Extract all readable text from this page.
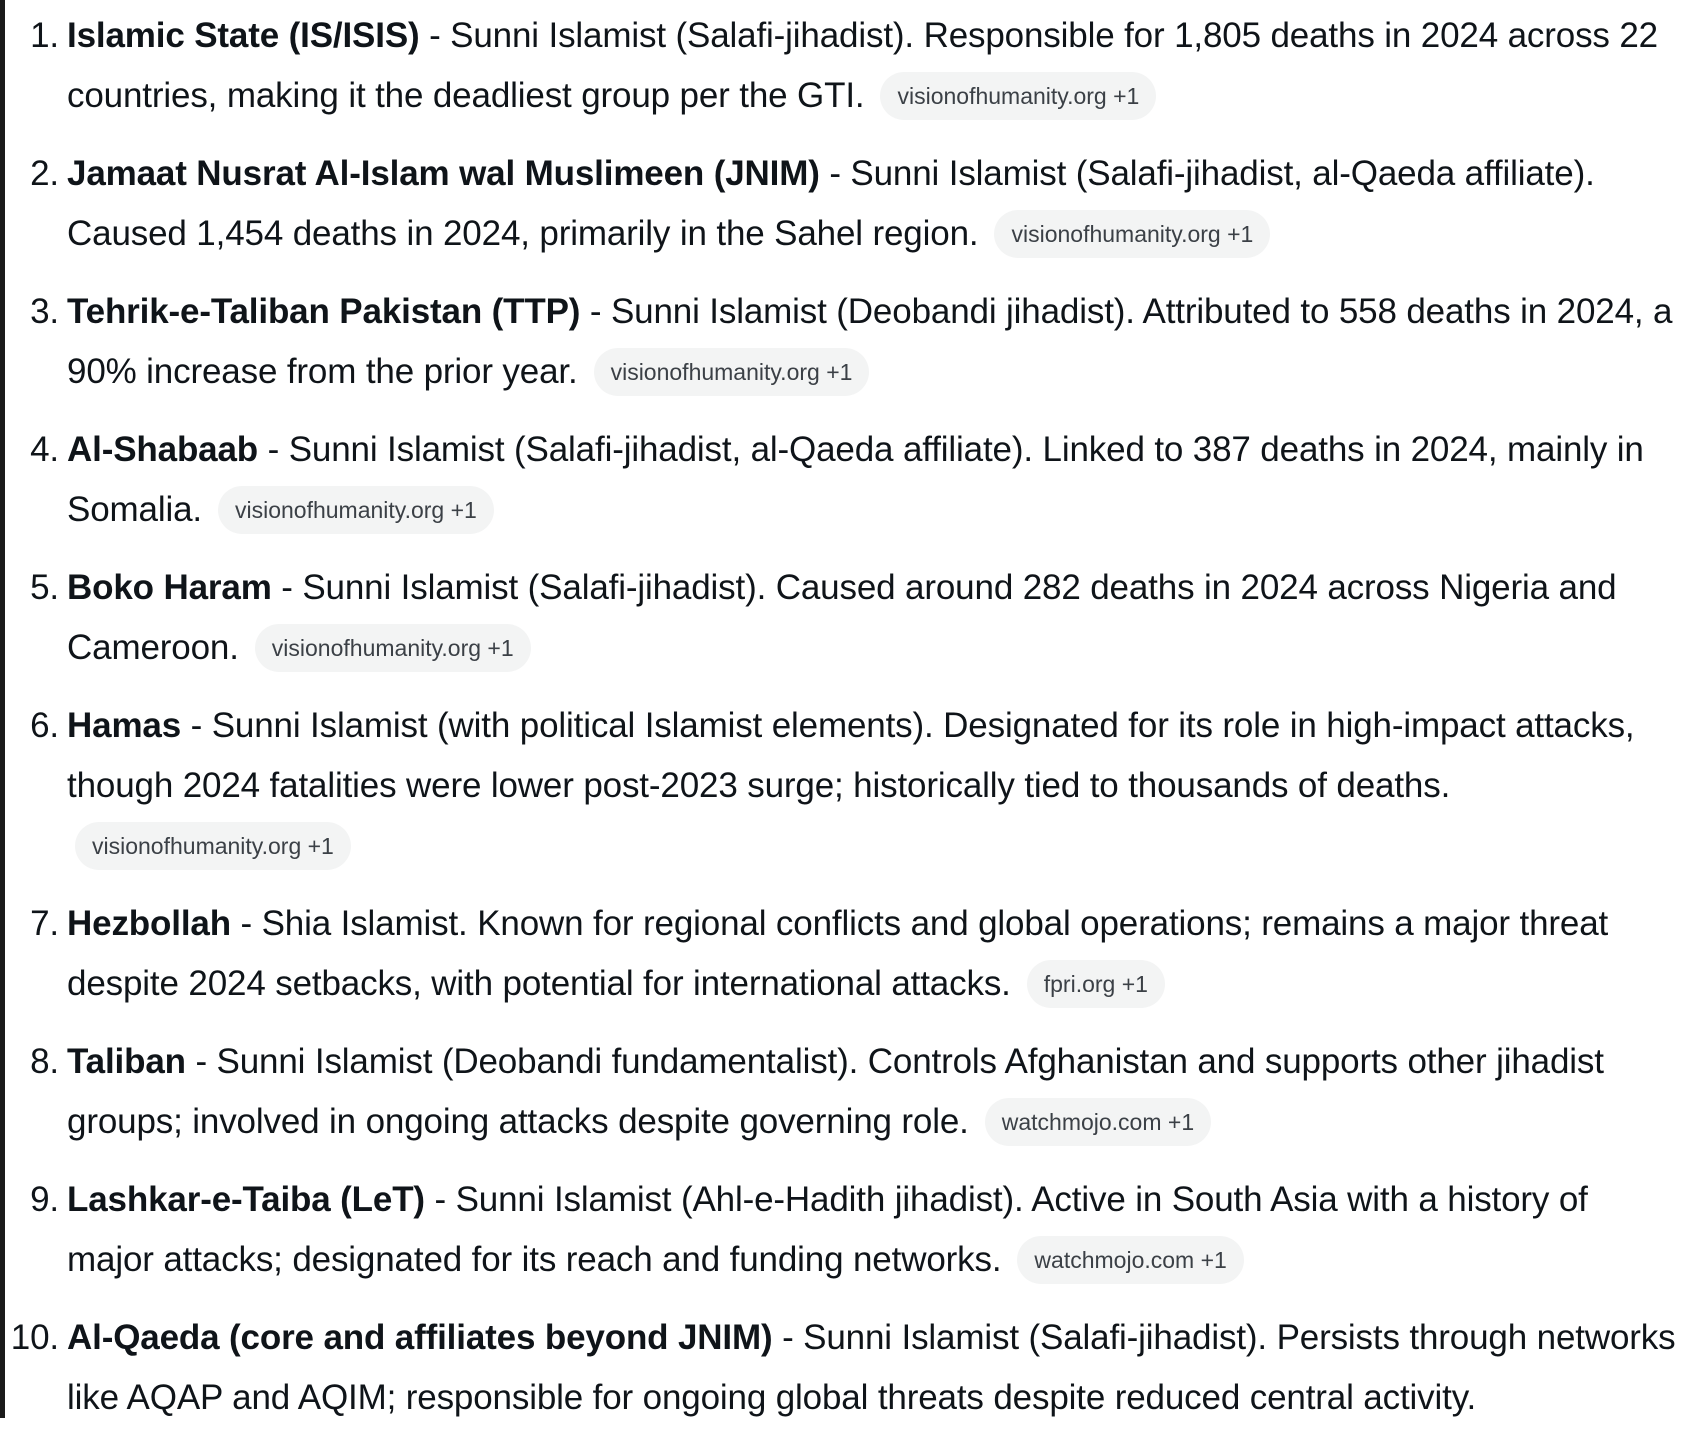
1. Islamic State (IS/ISIS) - Sunni Islamist (Salafi-jihadist). Responsible for 1,805 deaths in 2024 across 22 countries, making it the deadliest group per the GTI. visionofhumanity.org +1
2. Jamaat Nusrat Al-Islam wal Muslimeen (JNIM) - Sunni Islamist (Salafi-jihadist, al-Qaeda affiliate). Caused 1,454 deaths in 2024, primarily in the Sahel region. visionofhumanity.org +1
3. Tehrik-e-Taliban Pakistan (TTP) - Sunni Islamist (Deobandi jihadist). Attributed to 558 deaths in 2024, a 90% increase from the prior year. visionofhumanity.org +1
4. Al-Shabaab - Sunni Islamist (Salafi-jihadist, al-Qaeda affiliate). Linked to 387 deaths in 2024, mainly in Somalia. visionofhumanity.org +1
5. Boko Haram - Sunni Islamist (Salafi-jihadist). Caused around 282 deaths in 2024 across Nigeria and Cameroon. visionofhumanity.org +1
6. Hamas - Sunni Islamist (with political Islamist elements). Designated for its role in high-impact attacks, though 2024 fatalities were lower post-2023 surge; historically tied to thousands of deaths.visionofhumanity.org +1
7. Hezbollah - Shia Islamist. Known for regional conflicts and global operations; remains a major threat despite 2024 setbacks, with potential for international attacks. fpri.org +1
8. Taliban - Sunni Islamist (Deobandi fundamentalist). Controls Afghanistan and supports other jihadist groups; involved in ongoing attacks despite governing role. watchmojo.com +1
9. Lashkar-e-Taiba (LeT) - Sunni Islamist (Ahl-e-Hadith jihadist). Active in South Asia with a history of major attacks; designated for its reach and funding networks. watchmojo.com +1
10. Al-Qaeda (core and affiliates beyond JNIM) - Sunni Islamist (Salafi-jihadist). Persists through networks like AQAP and AQIM; responsible for ongoing global threats despite reduced central activity.
